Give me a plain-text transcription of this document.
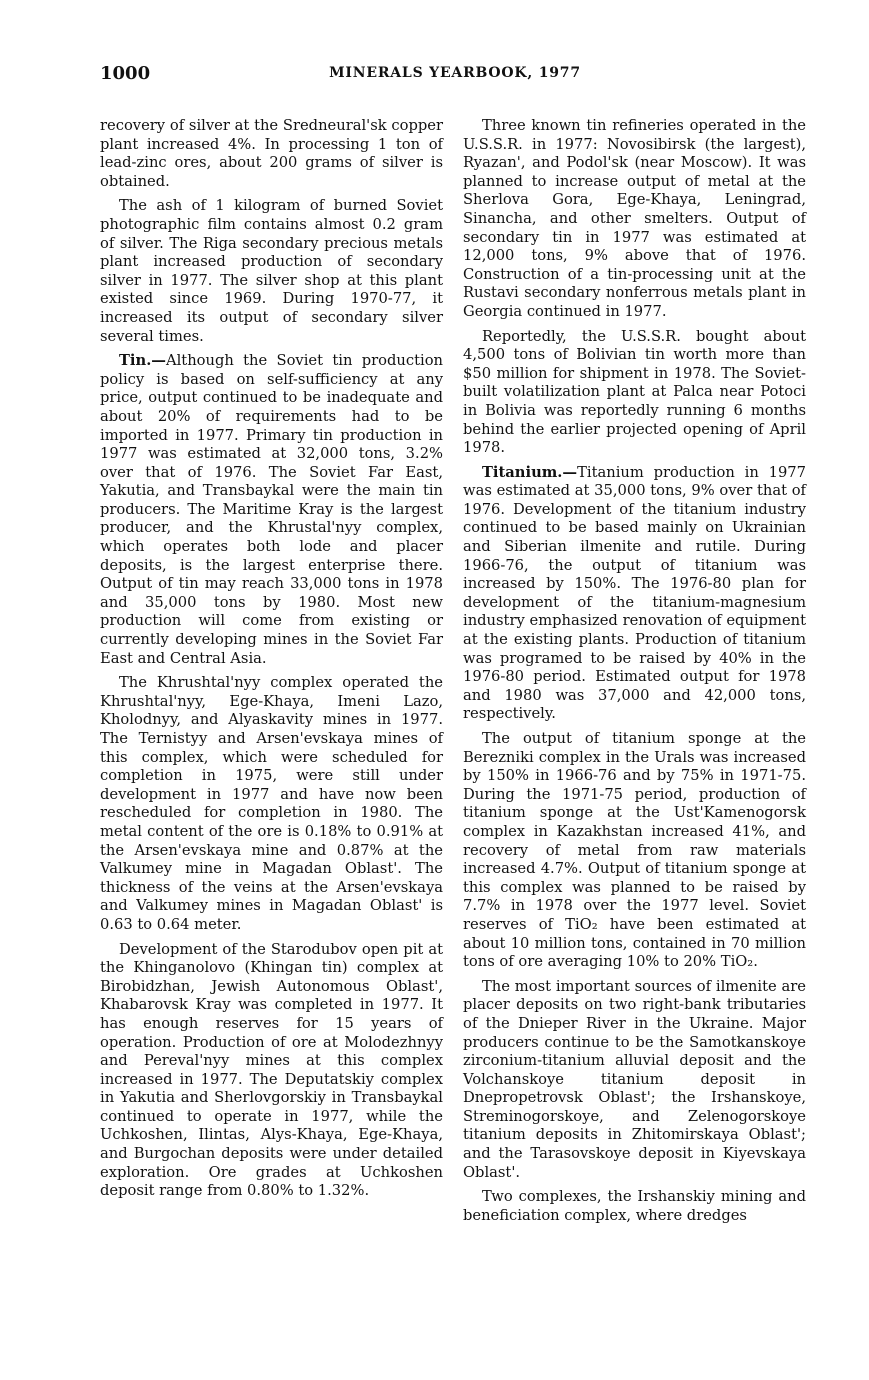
1000	MINERALS YEARBOOK, 1977

recovery of silver at the Sredneural'sk copper plant increased 4%. In processing 1 ton of lead-zinc ores, about 200 grams of silver is obtained.

The ash of 1 kilogram of burned Soviet photographic film contains almost 0.2 gram of silver. The Riga secondary precious metals plant increased production of secondary silver in 1977. The silver shop at this plant existed since 1969. During 1970-77, it increased its output of secondary silver several times.

Tin.—Although the Soviet tin production policy is based on self-sufficiency at any price, output continued to be inadequate and about 20% of requirements had to be imported in 1977. Primary tin production in 1977 was estimated at 32,000 tons, 3.2% over that of 1976. The Soviet Far East, Yakutia, and Transbaykal were the main tin producers. The Maritime Kray is the largest producer, and the Khrustal'nyy complex, which operates both lode and placer deposits, is the largest enterprise there. Output of tin may reach 33,000 tons in 1978 and 35,000 tons by 1980. Most new production will come from existing or currently developing mines in the Soviet Far East and Central Asia.

The Khrushtal'nyy complex operated the Khrushtal'nyy, Ege-Khaya, Imeni Lazo, Kholodnyy, and Alyaskavity mines in 1977. The Ternistyy and Arsen'evskaya mines of this complex, which were scheduled for completion in 1975, were still under development in 1977 and have now been rescheduled for completion in 1980. The metal content of the ore is 0.18% to 0.91% at the Arsen'evskaya mine and 0.87% at the Valkumey mine in Magadan Oblast'. The thickness of the veins at the Arsen'evskaya and Valkumey mines in Magadan Oblast' is 0.63 to 0.64 meter.

Development of the Starodubov open pit at the Khinganolovo (Khingan tin) complex at Birobidzhan, Jewish Autonomous Oblast', Khabarovsk Kray was completed in 1977. It has enough reserves for 15 years of operation. Production of ore at Molodezhnyy and Pereval'nyy mines at this complex increased in 1977. The Deputatskiy complex in Yakutia and Sherlovgorskiy in Transbaykal continued to operate in 1977, while the Uchkoshen, Ilintas, Alys-Khaya, Ege-Khaya, and Burgochan deposits were under detailed exploration. Ore grades at Uchkoshen deposit range from 0.80% to 1.32%.

Three known tin refineries operated in the U.S.S.R. in 1977: Novosibirsk (the largest), Ryazan', and Podol'sk (near Moscow). It was planned to increase output of metal at the Sherlova Gora, Ege-Khaya, Leningrad, Sinancha, and other smelters. Output of secondary tin in 1977 was estimated at 12,000 tons, 9% above that of 1976. Construction of a tin-processing unit at the Rustavi secondary nonferrous metals plant in Georgia continued in 1977.

Reportedly, the U.S.S.R. bought about 4,500 tons of Bolivian tin worth more than $50 million for shipment in 1978. The Soviet-built volatilization plant at Palca near Potoci in Bolivia was reportedly running 6 months behind the earlier projected opening of April 1978.

Titanium.—Titanium production in 1977 was estimated at 35,000 tons, 9% over that of 1976. Development of the titanium industry continued to be based mainly on Ukrainian and Siberian ilmenite and rutile. During 1966-76, the output of titanium was increased by 150%. The 1976-80 plan for development of the titanium-magnesium industry emphasized renovation of equipment at the existing plants. Production of titanium was programed to be raised by 40% in the 1976-80 period. Estimated output for 1978 and 1980 was 37,000 and 42,000 tons, respectively.

The output of titanium sponge at the Berezniki complex in the Urals was increased by 150% in 1966-76 and by 75% in 1971-75. During the 1971-75 period, production of titanium sponge at the Ust'Kamenogorsk complex in Kazakhstan increased 41%, and recovery of metal from raw materials increased 4.7%. Output of titanium sponge at this complex was planned to be raised by 7.7% in 1978 over the 1977 level. Soviet reserves of TiO₂ have been estimated at about 10 million tons, contained in 70 million tons of ore averaging 10% to 20% TiO₂.

The most important sources of ilmenite are placer deposits on two right-bank tributaries of the Dnieper River in the Ukraine. Major producers continue to be the Samotkanskoye zirconium-titanium alluvial deposit and the Volchanskoye titanium deposit in Dnepropetrovsk Oblast'; the Irshanskoye, Streminogorskoye, and Zelenogorskoye titanium deposits in Zhitomirskaya Oblast'; and the Tarasovskoye deposit in Kiyevskaya Oblast'.

Two complexes, the Irshanskiy mining and beneficiation complex, where dredges
